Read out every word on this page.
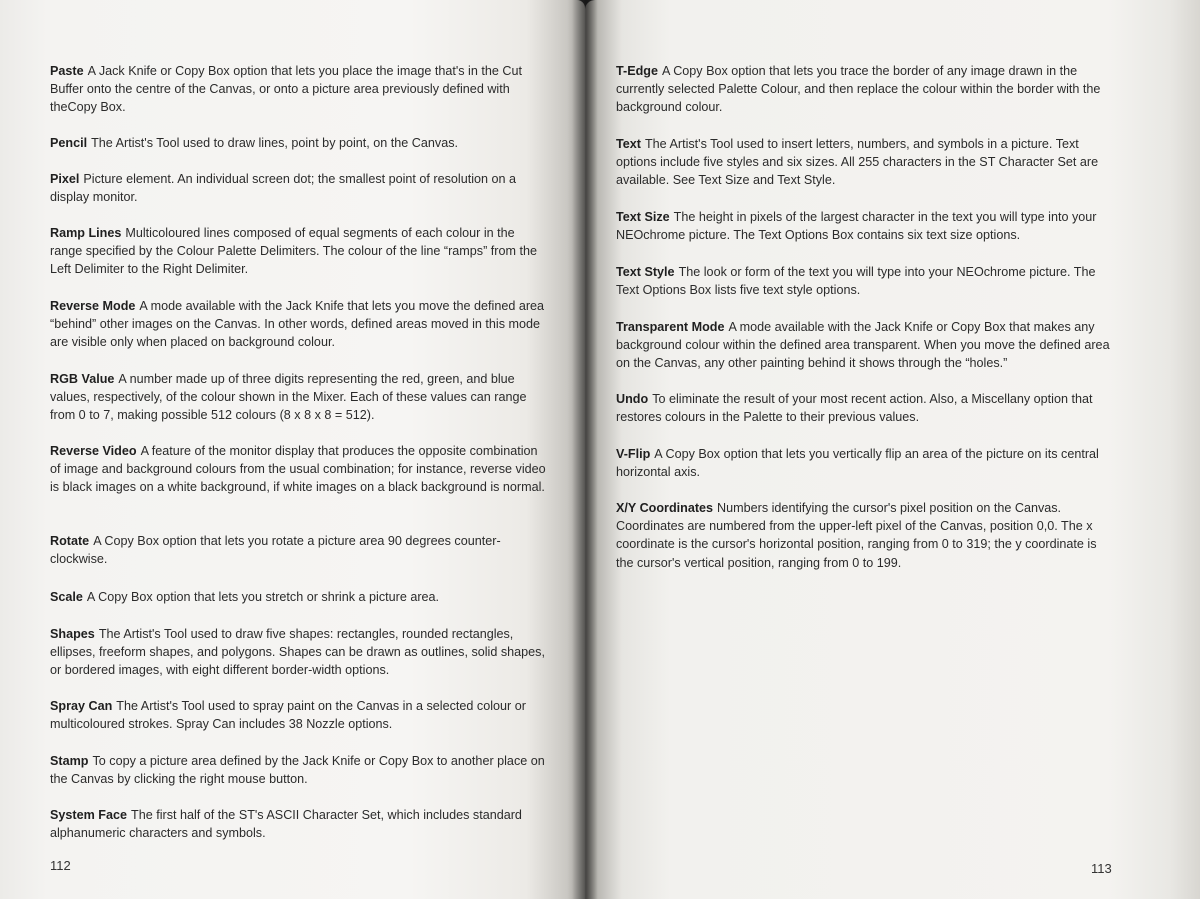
Paste A Jack Knife or Copy Box option that lets you place the image that's in the Cut Buffer onto the centre of the Canvas, or onto a picture area previously defined with theCopy Box.

Pencil The Artist's Tool used to draw lines, point by point, on the Canvas.

Pixel Picture element. An individual screen dot; the smallest point of resolution on a display monitor.

Ramp Lines Multicoloured lines composed of equal segments of each colour in the range specified by the Colour Palette Delimiters. The colour of the line “ramps” from the Left Delimiter to the Right Delimiter.

Reverse Mode A mode available with the Jack Knife that lets you move the defined area “behind” other images on the Canvas. In other words, defined areas moved in this mode are visible only when placed on background colour.

RGB Value A number made up of three digits representing the red, green, and blue values, respectively, of the colour shown in the Mixer. Each of these values can range from 0 to 7, making possible 512 colours (8 x 8 x 8 = 512).

Reverse Video A feature of the monitor display that produces the opposite combination of image and background colours from the usual combination; for instance, reverse video is black images on a white background, if white images on a black background is normal.

Rotate A Copy Box option that lets you rotate a picture area 90 degrees counter-clockwise.

Scale A Copy Box option that lets you stretch or shrink a picture area.

Shapes The Artist's Tool used to draw five shapes: rectangles, rounded rectangles, ellipses, freeform shapes, and polygons. Shapes can be drawn as outlines, solid shapes, or bordered images, with eight different border-width options.

Spray Can The Artist's Tool used to spray paint on the Canvas in a selected colour or multicoloured strokes. Spray Can includes 38 Nozzle options.

Stamp To copy a picture area defined by the Jack Knife or Copy Box to another place on the Canvas by clicking the right mouse button.

System Face The first half of the ST's ASCII Character Set, which includes standard alphanumeric characters and symbols.

112

T-Edge A Copy Box option that lets you trace the border of any image drawn in the currently selected Palette Colour, and then replace the colour within the border with the background colour.

Text The Artist's Tool used to insert letters, numbers, and symbols in a picture. Text options include five styles and six sizes. All 255 characters in the ST Character Set are available. See Text Size and Text Style.

Text Size The height in pixels of the largest character in the text you will type into your NEOchrome picture. The Text Options Box contains six text size options.

Text Style The look or form of the text you will type into your NEOchrome picture. The Text Options Box lists five text style options.

Transparent Mode A mode available with the Jack Knife or Copy Box that makes any background colour within the defined area transparent. When you move the defined area on the Canvas, any other painting behind it shows through the “holes.”

Undo To eliminate the result of your most recent action. Also, a Miscellany option that restores colours in the Palette to their previous values.

V-Flip A Copy Box option that lets you vertically flip an area of the picture on its central horizontal axis.

X/Y Coordinates Numbers identifying the cursor's pixel position on the Canvas. Coordinates are numbered from the upper-left pixel of the Canvas, position 0,0. The x coordinate is the cursor's horizontal position, ranging from 0 to 319; the y coordinate is the cursor's vertical position, ranging from 0 to 199.

113
